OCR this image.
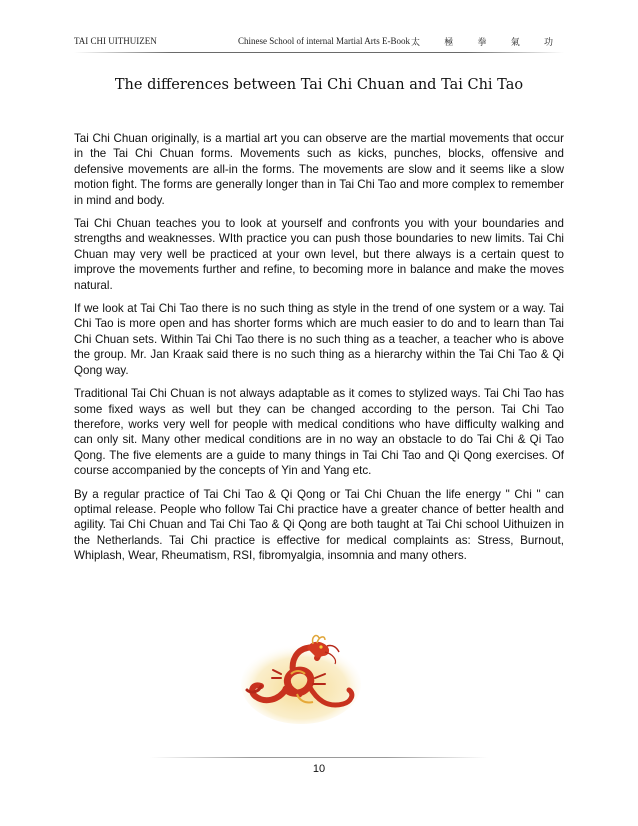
TAI CHI UITHUIZEN	Chinese School of internal Martial Arts E-Book 太 極 拳 氣 功
The differences between Tai Chi Chuan and Tai Chi Tao

Tai Chi Chuan originally, is a martial art you can observe are the martial movements that occur in the Tai Chi Chuan forms. Movements such as kicks, punches, blocks, offensive and defensive movements are all-in the forms. The movements are slow and it seems like a slow motion fight. The forms are generally longer than in Tai Chi Tao and more complex to remember in mind and body.

Tai Chi Chuan teaches you to look at yourself and confronts you with your boundaries and strengths and weaknesses. WIth practice you can push those boundaries to new limits. Tai Chi Chuan may very well be practiced at your own level, but there always is a certain quest to improve the movements further and refine, to becoming more in balance and make the moves natural.

If we look at Tai Chi Tao there is no such thing as style in the trend of one system or a way. Tai Chi Tao is more open and has shorter forms which are much easier to do and to learn than Tai Chi Chuan sets. Within Tai Chi Tao there is no such thing as a teacher, a teacher who is above the group. Mr. Jan Kraak said there is no such thing as a hierarchy within the Tai Chi Tao & Qi Qong way.

Traditional Tai Chi Chuan is not always adaptable as it comes to stylized ways. Tai Chi Tao has some fixed ways as well but they can be changed according to the person. Tai Chi Tao therefore, works very well for people with medical conditions who have difficulty walking and can only sit. Many other medical conditions are in no way an obstacle to do Tai Chi & Qi Tao Qong. The five elements are a guide to many things in Tai Chi Tao and Qi Qong exercises. Of course accompanied by the concepts of Yin and Yang etc.

By a regular practice of Tai Chi Tao & Qi Qong or Tai Chi Chuan the life energy " Chi " can optimal release. People who follow Tai Chi practice have a greater chance of better health and agility. Tai Chi Chuan and Tai Chi Tao & Qi Qong are both taught at Tai Chi school Uithuizen in the Netherlands. Tai Chi practice is effective for medical complaints as: Stress, Burnout, Whiplash, Wear, Rheumatism, RSI, fibromyalgia, insomnia and many others.

10
